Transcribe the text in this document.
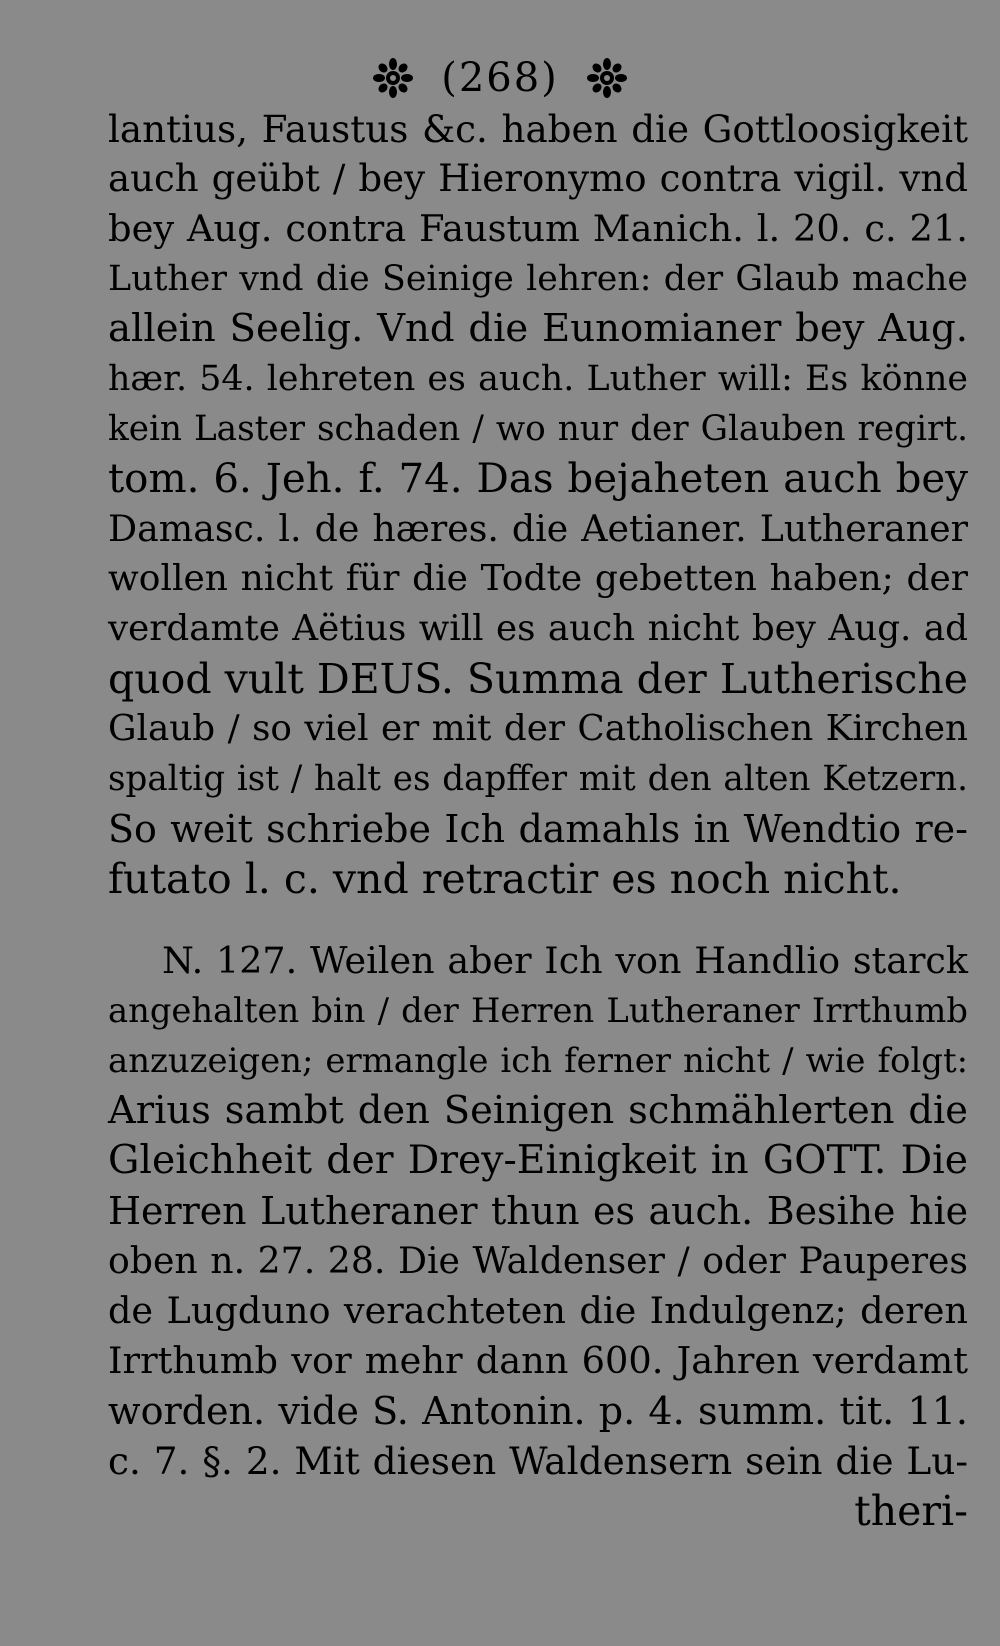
(268)
lantius, Faustus &c. haben die Gottloosigkeit
auch geübt / bey Hieronymo contra vigil. vnd
bey Aug. contra Faustum Manich. l. 20. c. 21.
Luther vnd die Seinige lehren: der Glaub mache
allein Seelig. Vnd die Eunomianer bey Aug.
hær. 54. lehreten es auch. Luther will: Es könne
kein Laster schaden / wo nur der Glauben regirt.
tom. 6. Jeh. f. 74. Das bejaheten auch bey
Damasc. l. de hæres. die Aetianer. Lutheraner
wollen nicht für die Todte gebetten haben; der
verdamte Aëtius will es auch nicht bey Aug. ad
quod vult DEUS. Summa der Lutherische
Glaub / so viel er mit der Catholischen Kirchen
spaltig ist / halt es dapffer mit den alten Ketzern.
So weit schriebe Ich damahls in Wendtio re-
futato l. c. vnd retractir es noch nicht.
N. 127. Weilen aber Ich von Handlio starck
angehalten bin / der Herren Lutheraner Irrthumb
anzuzeigen; ermangle ich ferner nicht / wie folgt:
Arius sambt den Seinigen schmählerten die
Gleichheit der Drey-Einigkeit in GOTT. Die
Herren Lutheraner thun es auch. Besihe hie
oben n. 27. 28. Die Waldenser / oder Pauperes
de Lugduno verachteten die Indulgenz; deren
Irrthumb vor mehr dann 600. Jahren verdamt
worden. vide S. Antonin. p. 4. summ. tit. 11.
c. 7. §. 2. Mit diesen Waldensern sein die Lu-
theri-
